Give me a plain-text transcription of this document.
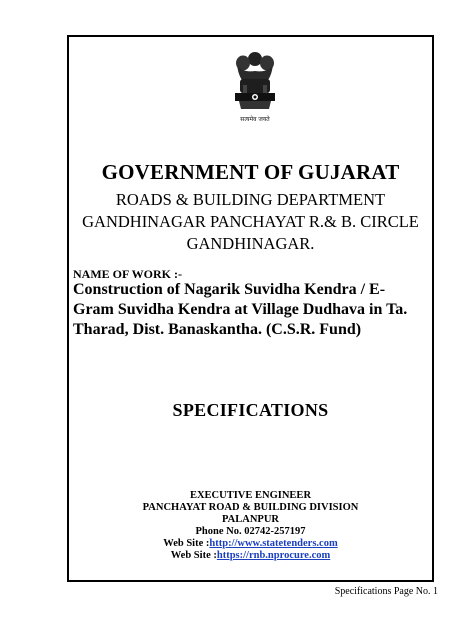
सत्यमेव जयते
GOVERNMENT OF GUJARAT
ROADS & BUILDING DEPARTMENT
GANDHINAGAR PANCHAYAT R.& B. CIRCLE
GANDHINAGAR.
NAME OF WORK :-
Construction of Nagarik Suvidha Kendra / E-
Gram Suvidha Kendra at Village Dudhava in Ta.
Tharad, Dist. Banaskantha. (C.S.R. Fund)
SPECIFICATIONS
EXECUTIVE ENGINEER
PANCHAYAT ROAD & BUILDING DIVISION
PALANPUR
Phone No. 02742-257197
Web Site :http://www.statetenders.com
Web Site :https://rnb.nprocure.com
Specifications Page No. 1
